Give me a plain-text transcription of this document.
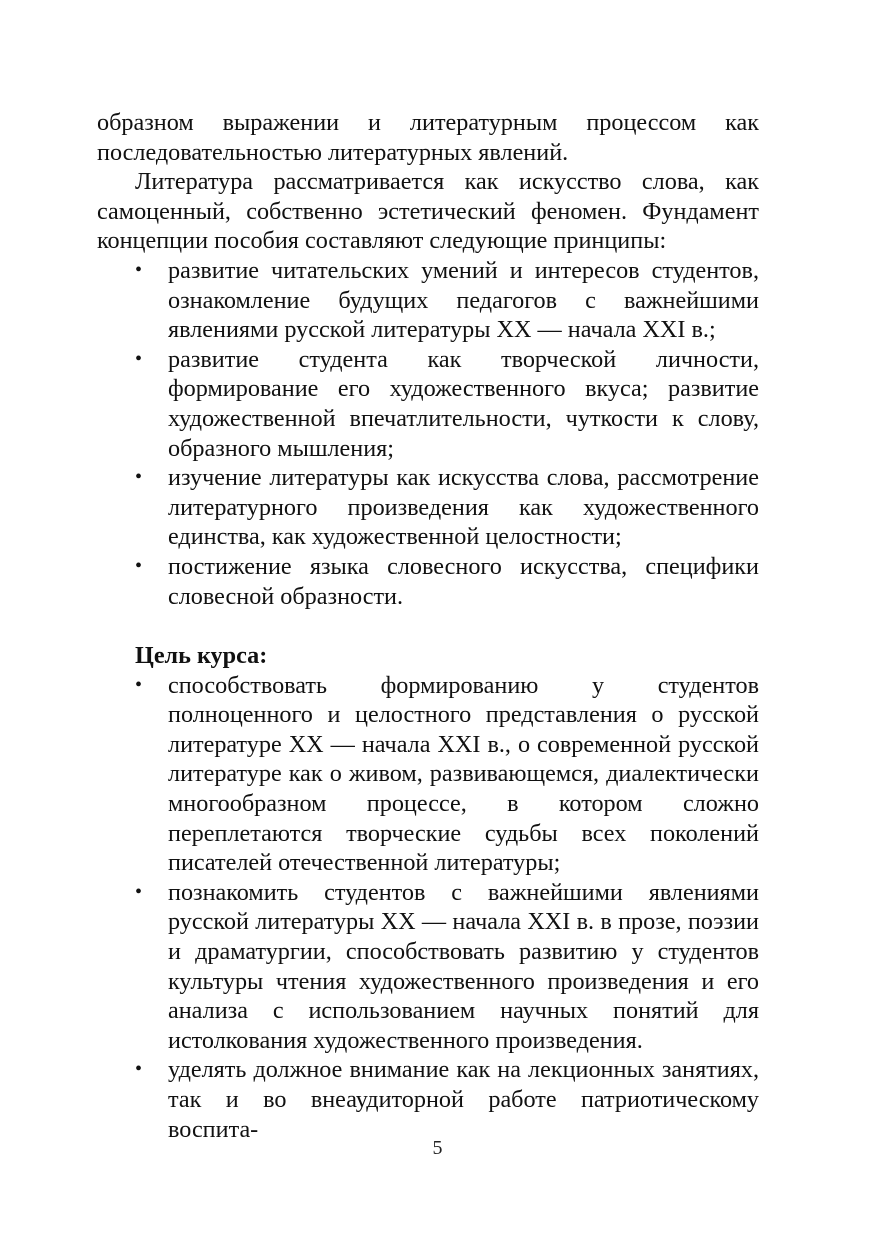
образном выражении и литературным процессом как последовательностью литературных явлений.

Литература рассматривается как искусство слова, как самоценный, собственно эстетический феномен. Фундамент концепции пособия составляют следующие принципы:

•	развитие читательских умений и интересов студентов, ознакомление будущих педагогов с важнейшими явлениями русской литературы XX — начала XXI в.;
•	развитие студента как творческой личности, формирование его художественного вкуса; развитие художественной впечатлительности, чуткости к слову, образного мышления;
•	изучение литературы как искусства слова, рассмотрение литературного произведения как художественного единства, как художественной целостности;
•	постижение языка словесного искусства, специфики словесной образности.

Цель курса:

•	способствовать формированию у студентов полноценного и целостного представления о русской литературе XX — начала XXI в., о современной русской литературе как о живом, развивающемся, диалектически многообразном процессе, в котором сложно переплетаются творческие судьбы всех поколений писателей отечественной литературы;
•	познакомить студентов с важнейшими явлениями русской литературы XX — начала XXI в. в прозе, поэзии и драматургии, способствовать развитию у студентов культуры чтения художественного произведения и его анализа с использованием научных понятий для истолкования художественного произведения.
•	уделять должное внимание как на лекционных занятиях, так и во внеаудиторной работе патриотическому воспита-
5
